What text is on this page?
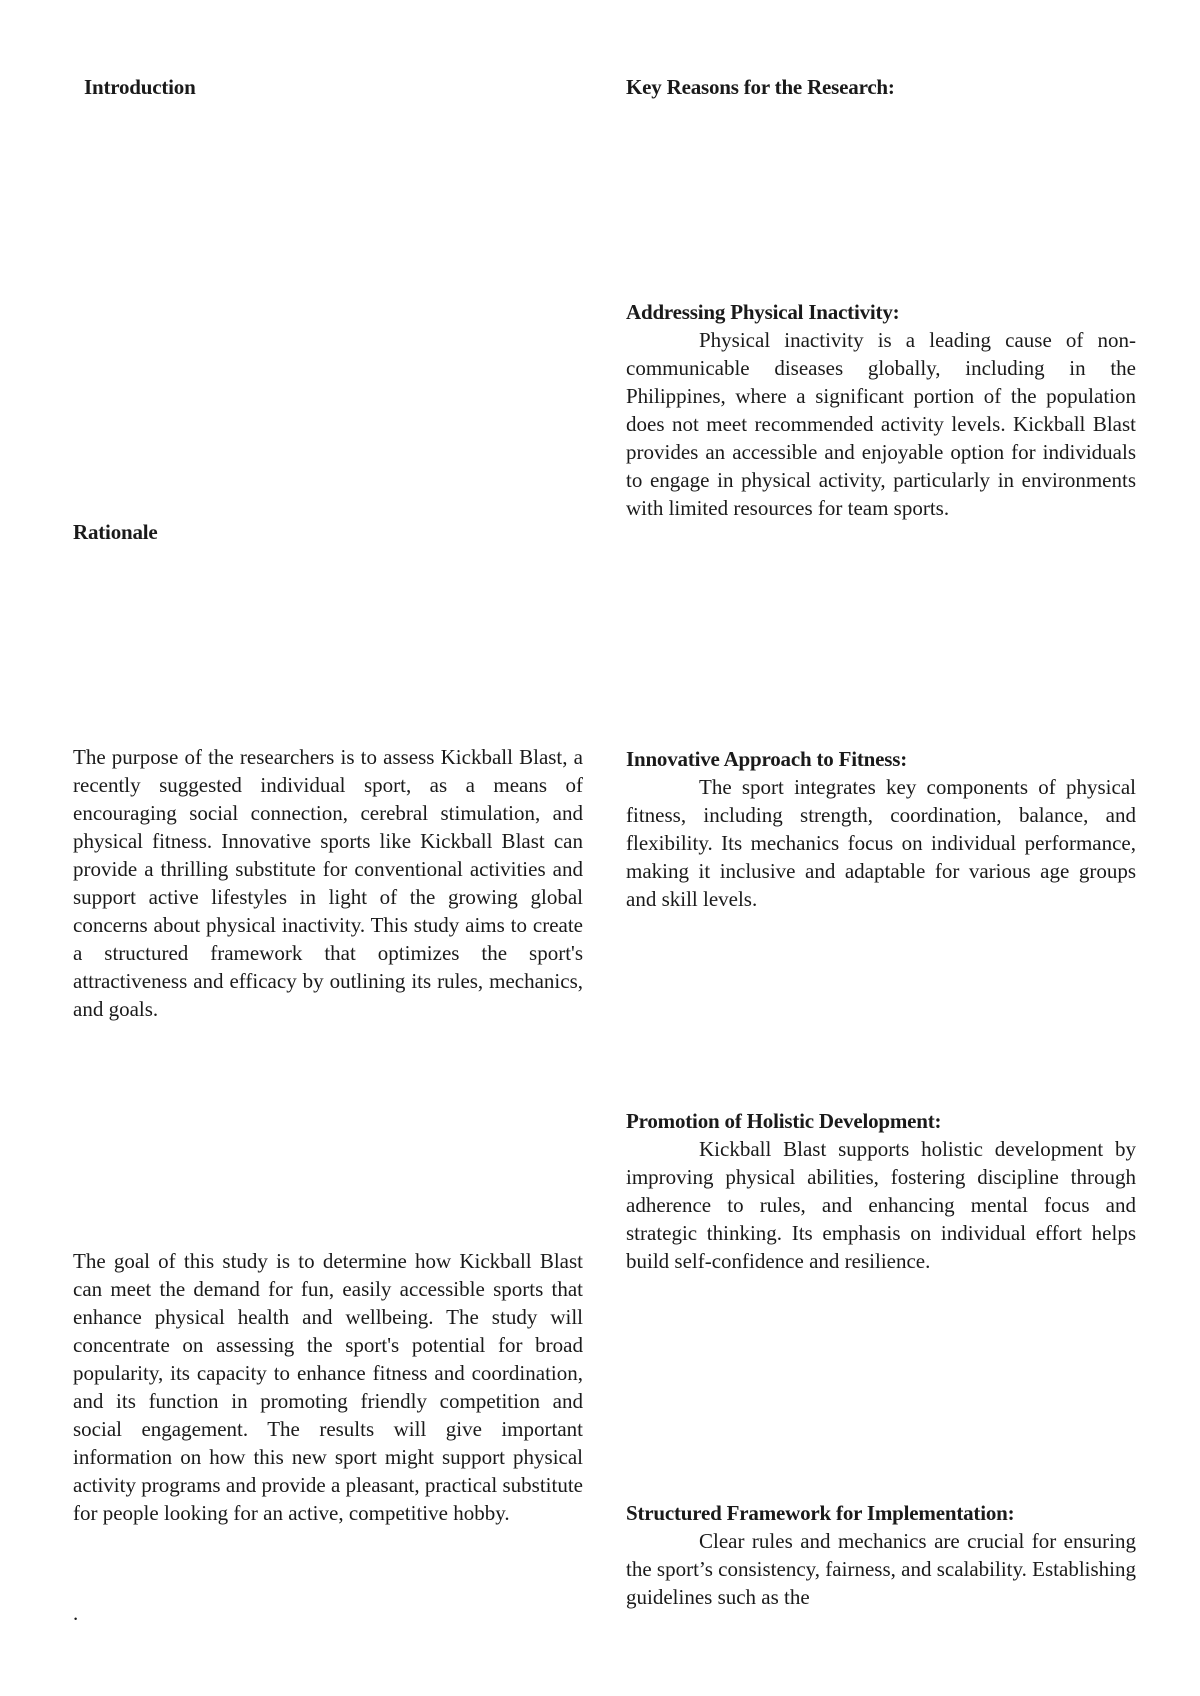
Introduction
Rationale

The purpose of the researchers is to assess Kickball Blast, a recently suggested individual sport, as a means of encouraging social connection, cerebral stimulation, and physical fitness. Innovative sports like Kickball Blast can provide a thrilling substitute for conventional activities and support active lifestyles in light of the growing global concerns about physical inactivity. This study aims to create a structured framework that optimizes the sport's attractiveness and efficacy by outlining its rules, mechanics, and goals.

The goal of this study is to determine how Kickball Blast can meet the demand for fun, easily accessible sports that enhance physical health and wellbeing. The study will concentrate on assessing the sport's potential for broad popularity, its capacity to enhance fitness and coordination, and its function in promoting friendly competition and social engagement. The results will give important information on how this new sport might support physical activity programs and provide a pleasant, practical substitute for people looking for an active, competitive hobby.

.
Key Reasons for the Research:
Addressing Physical Inactivity:

Physical inactivity is a leading cause of non-communicable diseases globally, including in the Philippines, where a significant portion of the population does not meet recommended activity levels. Kickball Blast provides an accessible and enjoyable option for individuals to engage in physical activity, particularly in environments with limited resources for team sports.

Innovative Approach to Fitness:

The sport integrates key components of physical fitness, including strength, coordination, balance, and flexibility. Its mechanics focus on individual performance, making it inclusive and adaptable for various age groups and skill levels.

Promotion of Holistic Development:

Kickball Blast supports holistic development by improving physical abilities, fostering discipline through adherence to rules, and enhancing mental focus and strategic thinking. Its emphasis on individual effort helps build self-confidence and resilience.

Structured Framework for Implementation:

Clear rules and mechanics are crucial for ensuring the sport’s consistency, fairness, and scalability. Establishing guidelines such as the
